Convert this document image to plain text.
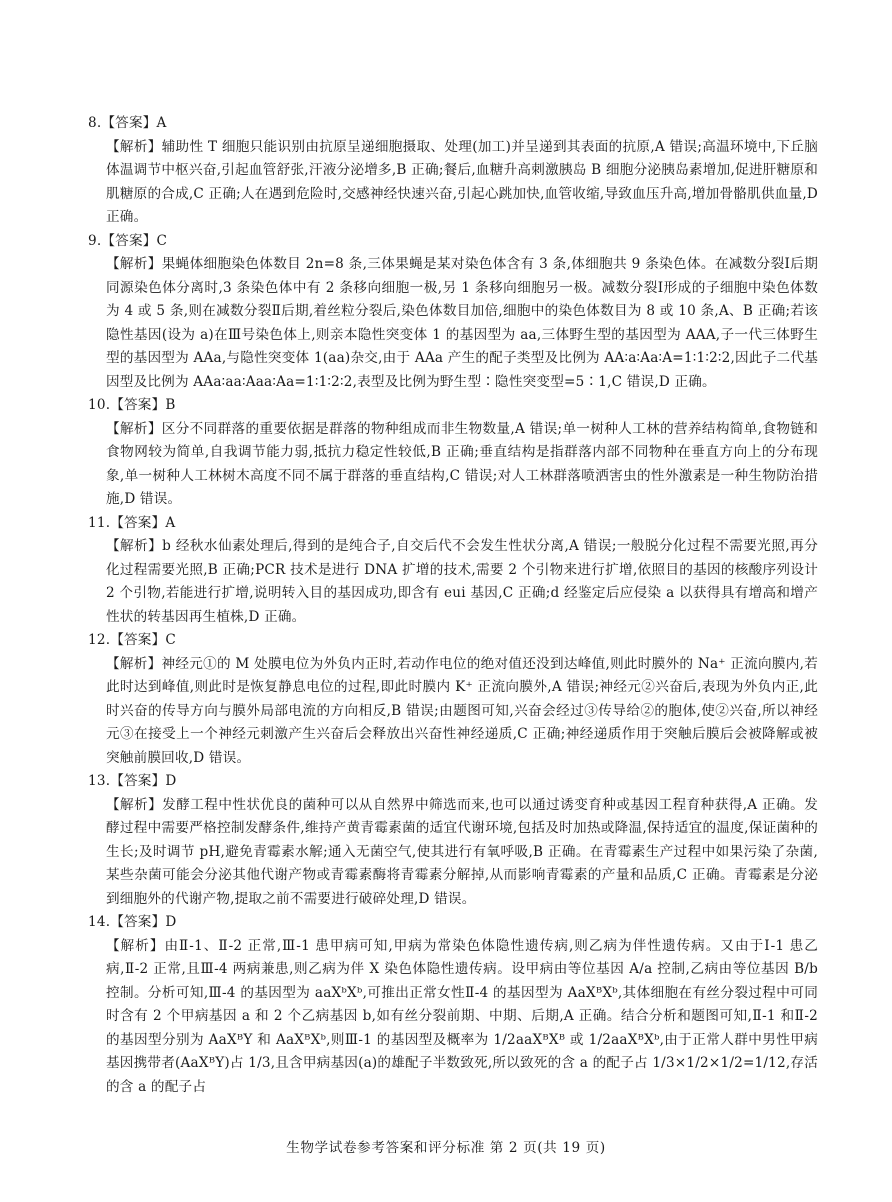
8.【答案】A

【解析】辅助性 T 细胞只能识别由抗原呈递细胞摄取、处理(加工)并呈递到其表面的抗原,A 错误;高温环境中,下丘脑体温调节中枢兴奋,引起血管舒张,汗液分泌增多,B 正确;餐后,血糖升高刺激胰岛 B 细胞分泌胰岛素增加,促进肝糖原和肌糖原的合成,C 正确;人在遇到危险时,交感神经快速兴奋,引起心跳加快,血管收缩,导致血压升高,增加骨骼肌供血量,D 正确。

9.【答案】C

【解析】果蝇体细胞染色体数目 2n=8 条,三体果蝇是某对染色体含有 3 条,体细胞共 9 条染色体。在减数分裂Ⅰ后期同源染色体分离时,3 条染色体中有 2 条移向细胞一极,另 1 条移向细胞另一极。减数分裂Ⅰ形成的子细胞中染色体数为 4 或 5 条,则在减数分裂Ⅱ后期,着丝粒分裂后,染色体数目加倍,细胞中的染色体数目为 8 或 10 条,A、B 正确;若该隐性基因(设为 a)在Ⅲ号染色体上,则亲本隐性突变体 1 的基因型为 aa,三体野生型的基因型为 AAA,子一代三体野生型的基因型为 AAa,与隐性突变体 1(aa)杂交,由于 AAa 产生的配子类型及比例为 AA∶a∶Aa∶A=1∶1∶2∶2,因此子二代基因型及比例为 AAa∶aa∶Aaa∶Aa=1∶1∶2∶2,表型及比例为野生型∶隐性突变型=5∶1,C 错误,D 正确。

10.【答案】B

【解析】区分不同群落的重要依据是群落的物种组成而非生物数量,A 错误;单一树种人工林的营养结构简单,食物链和食物网较为简单,自我调节能力弱,抵抗力稳定性较低,B 正确;垂直结构是指群落内部不同物种在垂直方向上的分布现象,单一树种人工林树木高度不同不属于群落的垂直结构,C 错误;对人工林群落喷洒害虫的性外激素是一种生物防治措施,D 错误。

11.【答案】A

【解析】b 经秋水仙素处理后,得到的是纯合子,自交后代不会发生性状分离,A 错误;一般脱分化过程不需要光照,再分化过程需要光照,B 正确;PCR 技术是进行 DNA 扩增的技术,需要 2 个引物来进行扩增,依照目的基因的核酸序列设计 2 个引物,若能进行扩增,说明转入目的基因成功,即含有 eui 基因,C 正确;d 经鉴定后应侵染 a 以获得具有增高和增产性状的转基因再生植株,D 正确。

12.【答案】C

【解析】神经元①的 M 处膜电位为外负内正时,若动作电位的绝对值还没到达峰值,则此时膜外的 Na⁺ 正流向膜内,若此时达到峰值,则此时是恢复静息电位的过程,即此时膜内 K⁺ 正流向膜外,A 错误;神经元②兴奋后,表现为外负内正,此时兴奋的传导方向与膜外局部电流的方向相反,B 错误;由题图可知,兴奋会经过③传导给②的胞体,使②兴奋,所以神经元③在接受上一个神经元刺激产生兴奋后会释放出兴奋性神经递质,C 正确;神经递质作用于突触后膜后会被降解或被突触前膜回收,D 错误。

13.【答案】D

【解析】发酵工程中性状优良的菌种可以从自然界中筛选而来,也可以通过诱变育种或基因工程育种获得,A 正确。发酵过程中需要严格控制发酵条件,维持产黄青霉素菌的适宜代谢环境,包括及时加热或降温,保持适宜的温度,保证菌种的生长;及时调节 pH,避免青霉素水解;通入无菌空气,使其进行有氧呼吸,B 正确。在青霉素生产过程中如果污染了杂菌,某些杂菌可能会分泌其他代谢产物或青霉素酶将青霉素分解掉,从而影响青霉素的产量和品质,C 正确。青霉素是分泌到细胞外的代谢产物,提取之前不需要进行破碎处理,D 错误。

14.【答案】D

【解析】由Ⅱ-1、Ⅱ-2 正常,Ⅲ-1 患甲病可知,甲病为常染色体隐性遗传病,则乙病为伴性遗传病。又由于Ⅰ-1 患乙病,Ⅱ-2 正常,且Ⅲ-4 两病兼患,则乙病为伴 X 染色体隐性遗传病。设甲病由等位基因 A/a 控制,乙病由等位基因 B/b 控制。分析可知,Ⅲ-4 的基因型为 aaXᵇXᵇ,可推出正常女性Ⅱ-4 的基因型为 AaXᴮXᵇ,其体细胞在有丝分裂过程中可同时含有 2 个甲病基因 a 和 2 个乙病基因 b,如有丝分裂前期、中期、后期,A 正确。结合分析和题图可知,Ⅱ-1 和Ⅱ-2 的基因型分别为 AaXᴮY 和 AaXᴮXᵇ,则Ⅲ-1 的基因型及概率为 1/2aaXᴮXᴮ 或 1/2aaXᴮXᵇ,由于正常人群中男性甲病基因携带者(AaXᴮY)占 1/3,且含甲病基因(a)的雄配子半数致死,所以致死的含 a 的配子占 1/3×1/2×1/2=1/12,存活的含 a 的配子占

生物学试卷参考答案和评分标准 第 2 页(共 19 页)
